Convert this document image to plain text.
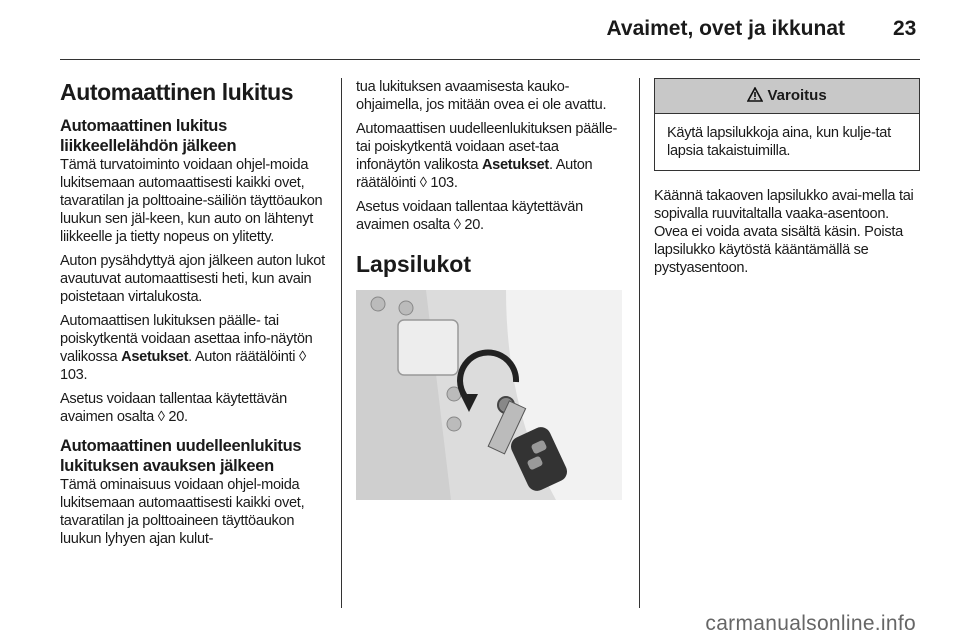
Avaimet, ovet ja ikkunat 23
Automaattinen lukitus
Automaattinen lukitus liikkeellelähdön jälkeen

Tämä turvatoiminto voidaan ohjel-moida lukitsemaan automaattisesti kaikki ovet, tavaratilan ja polttoaine-säiliön täyttöaukon luukun sen jäl-keen, kun auto on lähtenyt liikkeelle ja tietty nopeus on ylitetty.

Auton pysähdyttyä ajon jälkeen auton lukot avautuvat automaattisesti heti, kun avain poistetaan virtalukosta.

Automaattisen lukituksen päälle- tai poiskytkentä voidaan asettaa info-näytön valikossa Asetukset. Auton räätälöinti ◊ 103.

Asetus voidaan tallentaa käytettävän avaimen osalta ◊ 20.

Automaattinen uudelleenlukitus lukituksen avauksen jälkeen

Tämä ominaisuus voidaan ohjel-moida lukitsemaan automaattisesti kaikki ovet, tavaratilan ja polttoaineen täyttöaukon luukun lyhyen ajan kulut-

tua lukituksen avaamisesta kauko-ohjaimella, jos mitään ovea ei ole avattu.

Automaattisen uudelleenlukituksen päälle- tai poiskytkentä voidaan aset-taa infonäytön valikosta Asetukset. Auton räätälöinti ◊ 103.

Asetus voidaan tallentaa käytettävän avaimen osalta ◊ 20.

Lapsilukot
Varoitus

Käytä lapsilukkoja aina, kun kulje-tat lapsia takaistuimilla.

Käännä takaoven lapsilukko avai-mella tai sopivalla ruuvitaltalla vaaka-asentoon. Ovea ei voida avata sisältä käsin. Poista lapsilukko käytöstä kääntämällä se pystyasentoon.

carmanualsonline.info
